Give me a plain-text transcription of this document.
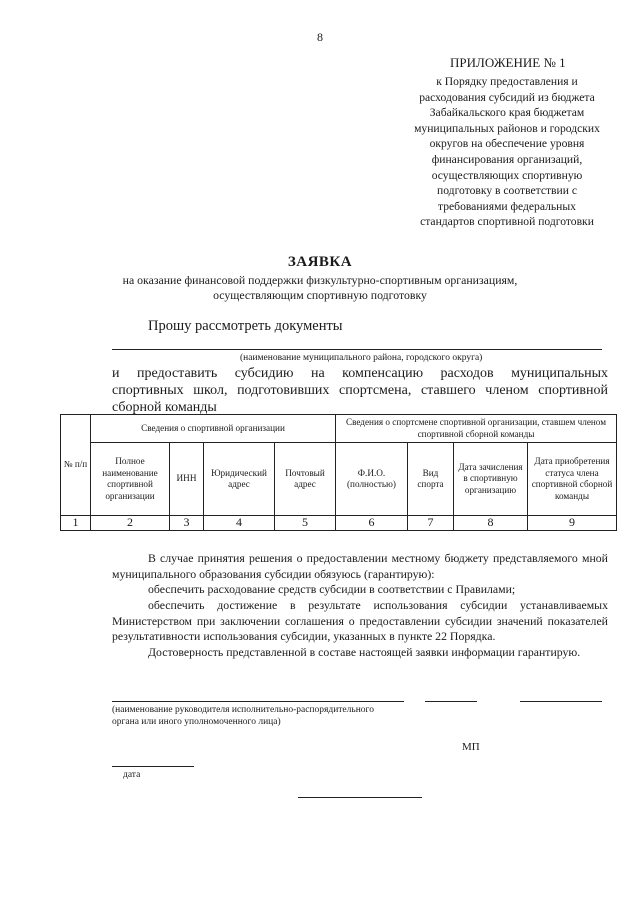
8
ПРИЛОЖЕНИЕ № 1
к Порядку предоставления и
расходования субсидий из бюджета
Забайкальского края бюджетам
муниципальных районов и городских
округов на обеспечение уровня
финансирования организаций,
осуществляющих спортивную
подготовку в соответствии с
требованиями федеральных
стандартов спортивной подготовки
ЗАЯВКА
на оказание финансовой поддержки физкультурно-спортивным организациям,
осуществляющим спортивную подготовку
Прошу рассмотреть документы
(наименование муниципального района, городского округа)
и предоставить субсидию на компенсацию расходов муниципальных
спортивных школ, подготовивших спортсмена, ставшего членом спортивной
сборной команды
№ п/п	Сведения о спортивной организации				Сведения о спортсмене спортивной организации, ставшем членом спортивной сборной команды			
	Полное наименование спортивной организации	ИНН	Юридический адрес	Почтовый адрес	Ф.И.О. (полностью)	Вид спорта	Дата зачисления в спортивную организацию	Дата приобретения статуса члена спортивной сборной команды
1	2	3	4	5	6	7	8	9
В случае принятия решения о предоставлении местному бюджету представляемого мной муниципального образования субсидии обязуюсь (гарантирую):
обеспечить расходование средств субсидии в соответствии с Правилами;
обеспечить достижение в результате использования субсидии устанавливаемых Министерством при заключении соглашения о предоставлении субсидии значений показателей результативности использования субсидии, указанных в пункте 22 Порядка.
Достоверность представленной в составе настоящей заявки информации гарантирую.
(наименование руководителя исполнительно-распорядительного
органа или иного уполномоченного лица)
МП
дата
